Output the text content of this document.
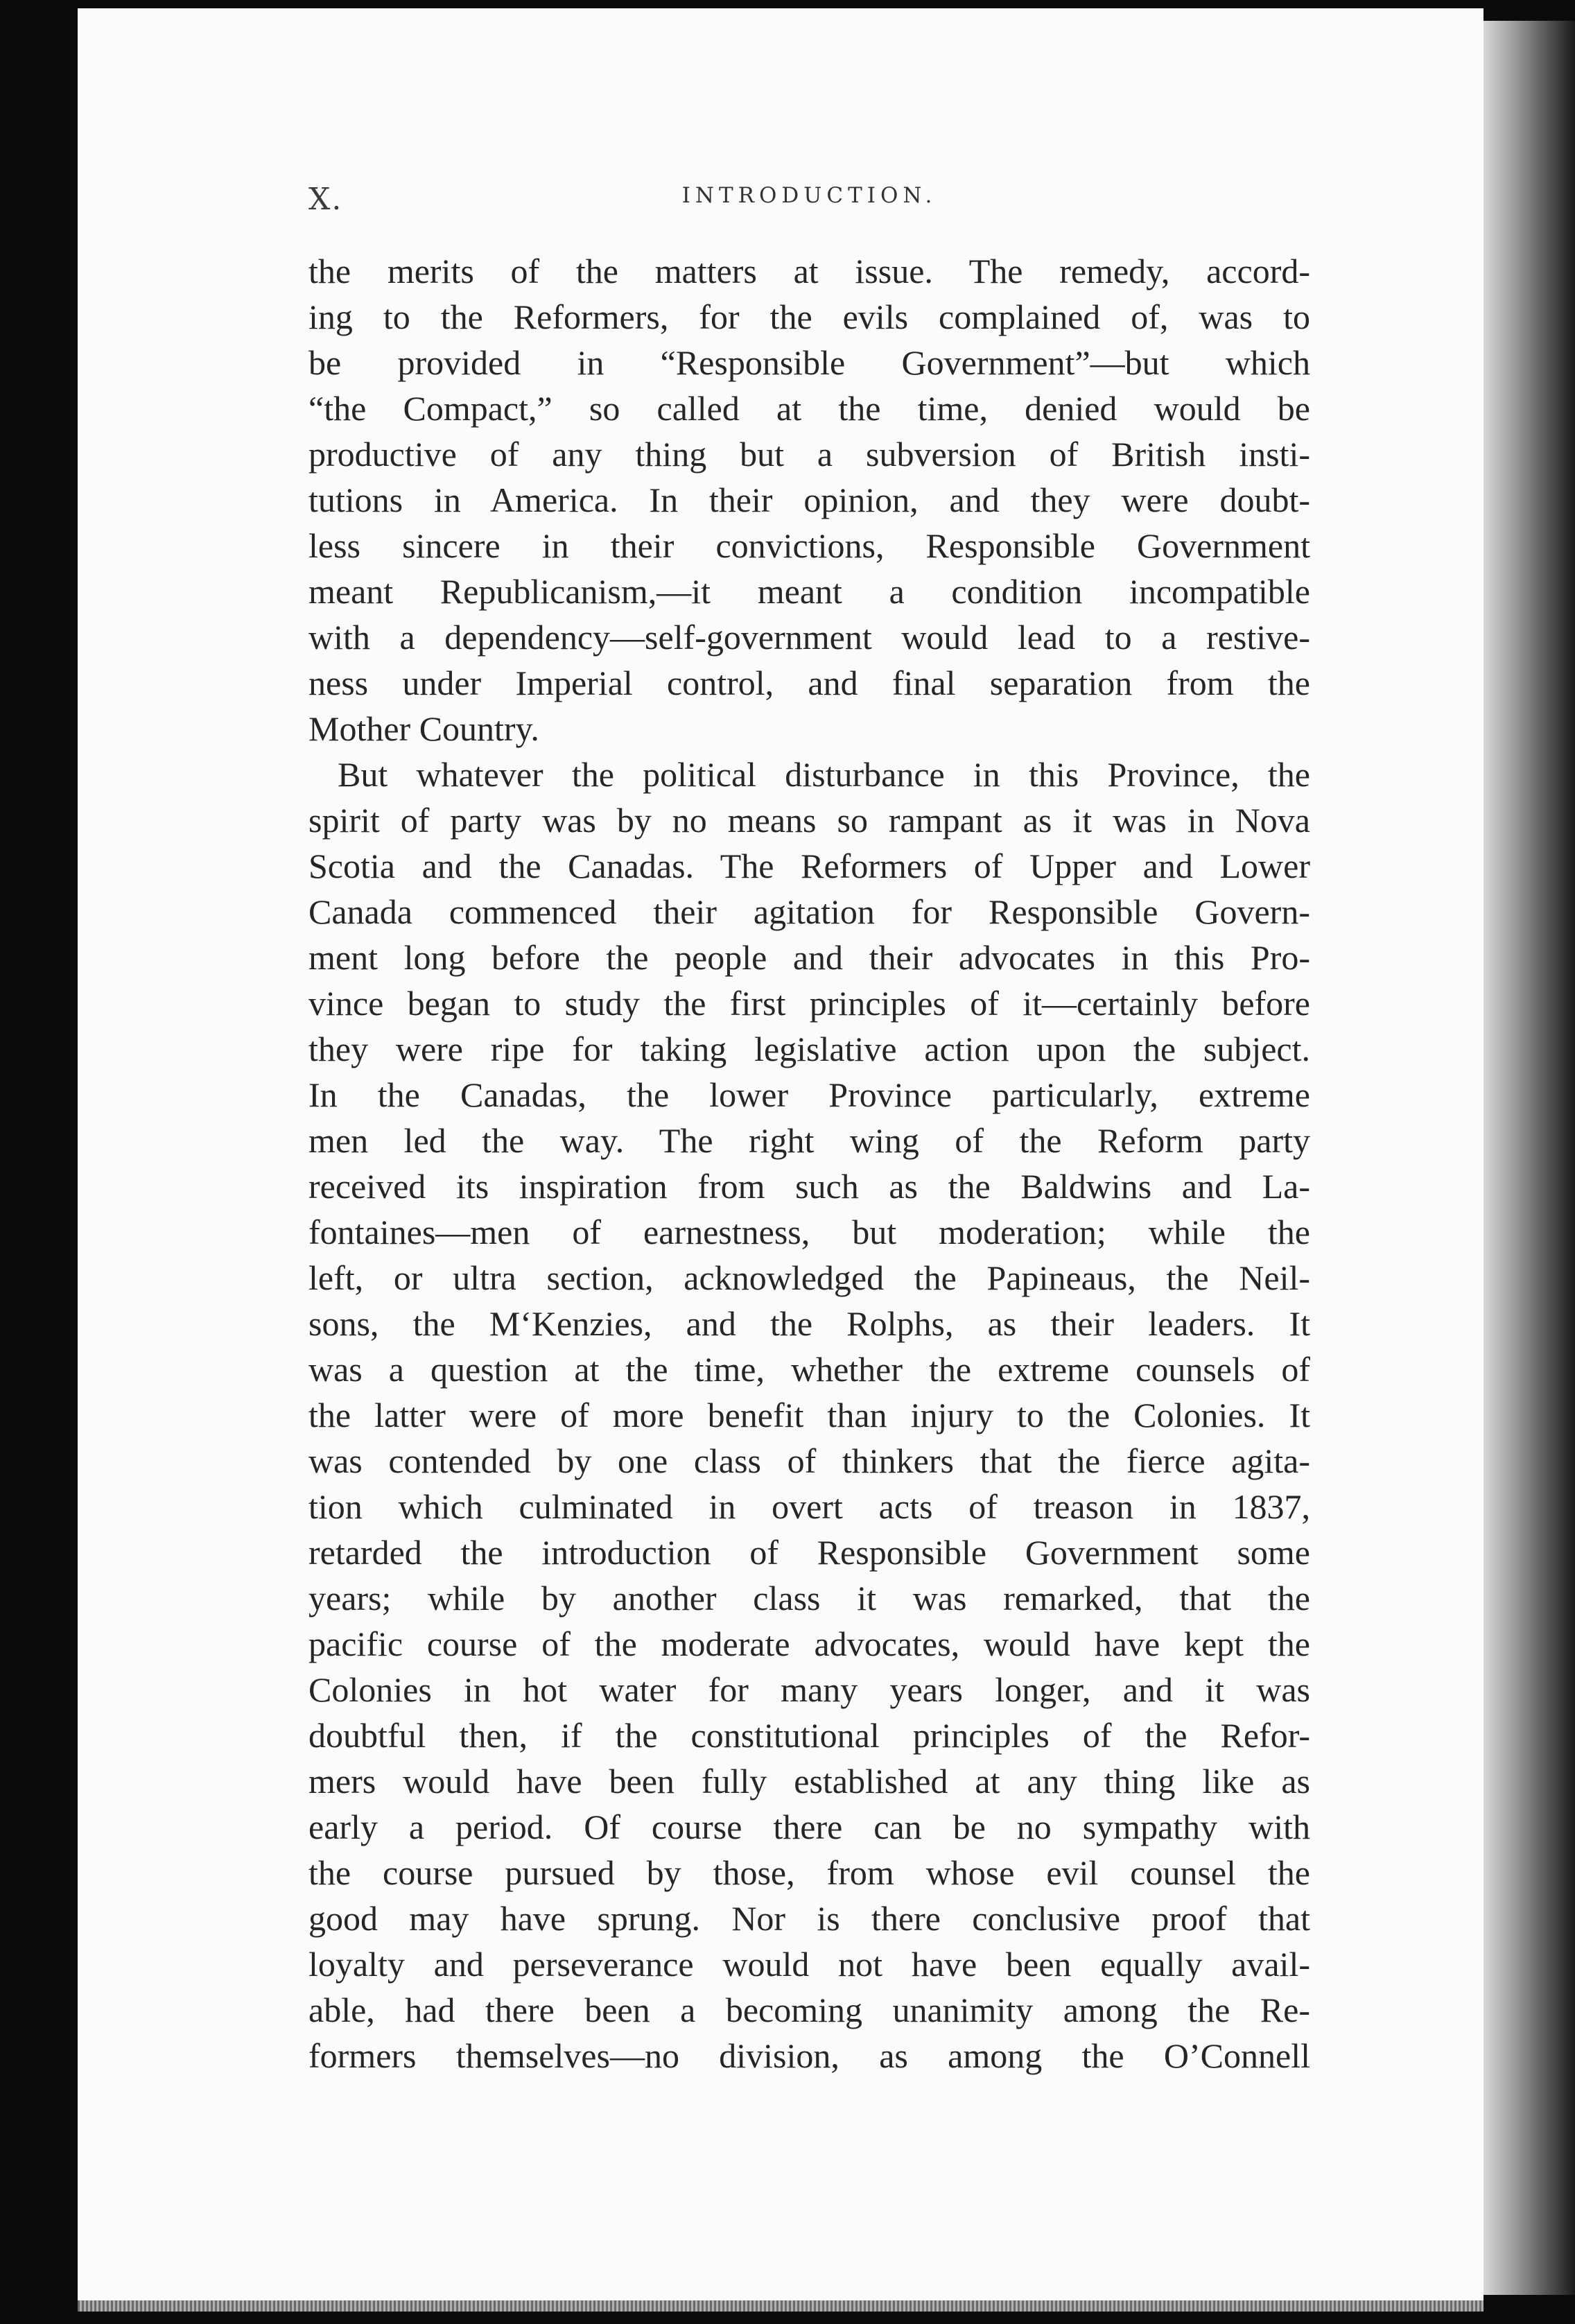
X.	INTRODUCTION.
the merits of the matters at issue. The remedy, accord-
ing to the Reformers, for the evils complained of, was to
be provided in “Responsible Government”—but which
“the Compact,” so called at the time, denied would be
productive of any thing but a subversion of British insti-
tutions in America. In their opinion, and they were doubt-
less sincere in their convictions, Responsible Government
meant Republicanism,—it meant a condition incompatible
with a dependency—self-government would lead to a restive-
ness under Imperial control, and final separation from the
Mother Country.
But whatever the political disturbance in this Province, the
spirit of party was by no means so rampant as it was in Nova
Scotia and the Canadas. The Reformers of Upper and Lower
Canada commenced their agitation for Responsible Govern-
ment long before the people and their advocates in this Pro-
vince began to study the first principles of it—certainly before
they were ripe for taking legislative action upon the subject.
In the Canadas, the lower Province particularly, extreme
men led the way. The right wing of the Reform party
received its inspiration from such as the Baldwins and La-
fontaines—men of earnestness, but moderation; while the
left, or ultra section, acknowledged the Papineaus, the Neil-
sons, the M‘Kenzies, and the Rolphs, as their leaders. It
was a question at the time, whether the extreme counsels of
the latter were of more benefit than injury to the Colonies. It
was contended by one class of thinkers that the fierce agita-
tion which culminated in overt acts of treason in 1837,
retarded the introduction of Responsible Government some
years; while by another class it was remarked, that the
pacific course of the moderate advocates, would have kept the
Colonies in hot water for many years longer, and it was
doubtful then, if the constitutional principles of the Refor-
mers would have been fully established at any thing like as
early a period. Of course there can be no sympathy with
the course pursued by those, from whose evil counsel the
good may have sprung. Nor is there conclusive proof that
loyalty and perseverance would not have been equally avail-
able, had there been a becoming unanimity among the Re-
formers themselves—no division, as among the O’Connell
